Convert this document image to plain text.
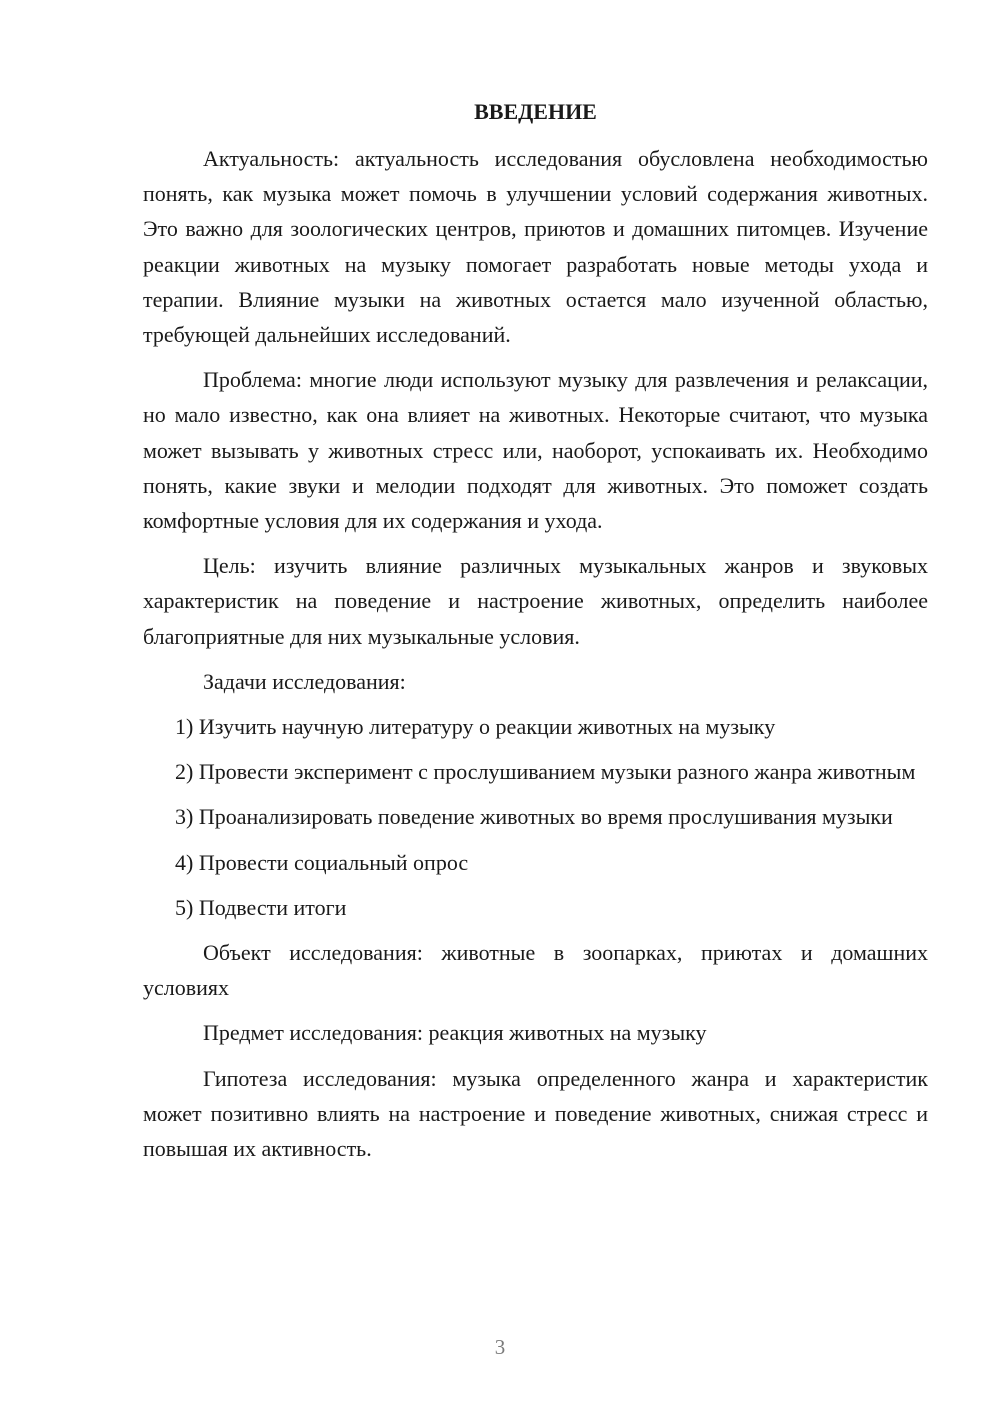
ВВЕДЕНИЕ

Актуальность: актуальность исследования обусловлена необходимостью понять, как музыка может помочь в улучшении условий содержания животных. Это важно для зоологических центров, приютов и домашних питомцев. Изучение реакции животных на музыку помогает разработать новые методы ухода и терапии. Влияние музыки на животных остается мало изученной областью, требующей дальнейших исследований.

Проблема: многие люди используют музыку для развлечения и релаксации, но мало известно, как она влияет на животных. Некоторые считают, что музыка может вызывать у животных стресс или, наоборот, успокаивать их. Необходимо понять, какие звуки и мелодии подходят для животных. Это поможет создать комфортные условия для их содержания и ухода.

Цель: изучить влияние различных музыкальных жанров и звуковых характеристик на поведение и настроение животных, определить наиболее благоприятные для них музыкальные условия.

Задачи исследования:

1) Изучить научную литературу о реакции животных на музыку

2) Провести эксперимент с прослушиванием музыки разного жанра животным

3) Проанализировать поведение животных во время прослушивания музыки

4) Провести социальный опрос

5) Подвести итоги

Объект исследования: животные в зоопарках, приютах и домашних условиях

Предмет исследования: реакция животных на музыку

Гипотеза исследования: музыка определенного жанра и характеристик может позитивно влиять на настроение и поведение животных, снижая стресс и повышая их активность.

3
